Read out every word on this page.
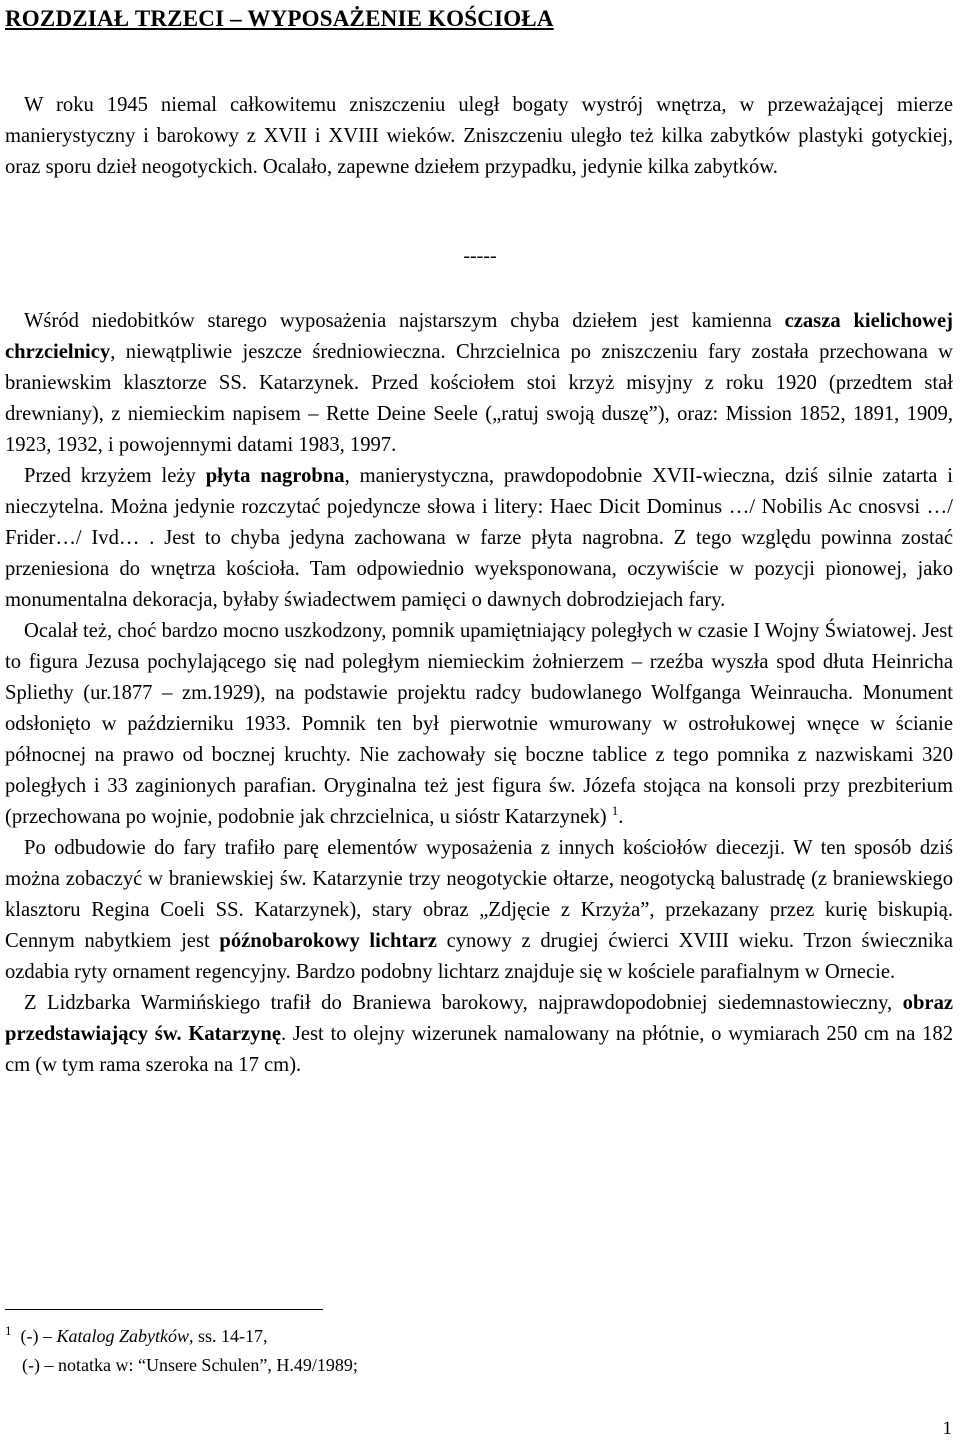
ROZDZIAŁ TRZECI – WYPOSAŻENIE KOŚCIOŁA

W roku 1945 niemal całkowitemu zniszczeniu uległ bogaty wystrój wnętrza, w przeważającej mierze manierystyczny i barokowy z XVII i XVIII wieków. Zniszczeniu uległo też kilka zabytków plastyki gotyckiej, oraz sporu dzieł neogotyckich. Ocalało, zapewne dziełem przypadku, jedynie kilka zabytków.

-----

Wśród niedobitków starego wyposażenia najstarszym chyba dziełem jest kamienna czasza kielichowej chrzcielnicy, niewątpliwie jeszcze średniowieczna. Chrzcielnica po zniszczeniu fary została przechowana w braniewskim klasztorze SS. Katarzynek. Przed kościołem stoi krzyż misyjny z roku 1920 (przedtem stał drewniany), z niemieckim napisem – Rette Deine Seele („ratuj swoją duszę”), oraz: Mission 1852, 1891, 1909, 1923, 1932, i powojennymi datami 1983, 1997.

Przed krzyżem leży płyta nagrobna, manierystyczna, prawdopodobnie XVII-wieczna, dziś silnie zatarta i nieczytelna. Można jedynie rozczytać pojedyncze słowa i litery: Haec Dicit Dominus …/ Nobilis Ac cnosvsi …/ Frider…/ Ivd… . Jest to chyba jedyna zachowana w farze płyta nagrobna. Z tego względu powinna zostać przeniesiona do wnętrza kościoła. Tam odpowiednio wyeksponowana, oczywiście w pozycji pionowej, jako monumentalna dekoracja, byłaby świadectwem pamięci o dawnych dobrodziejach fary.

Ocalał też, choć bardzo mocno uszkodzony, pomnik upamiętniający poległych w czasie I Wojny Światowej. Jest to figura Jezusa pochylającego się nad poległym niemieckim żołnierzem – rzeźba wyszła spod dłuta Heinricha Spliethy (ur.1877 – zm.1929), na podstawie projektu radcy budowlanego Wolfganga Weinraucha. Monument odsłonięto w październiku 1933. Pomnik ten był pierwotnie wmurowany w ostrołukowej wnęce w ścianie północnej na prawo od bocznej kruchty. Nie zachowały się boczne tablice z tego pomnika z nazwiskami 320 poległych i 33 zaginionych parafian. Oryginalna też jest figura św. Józefa stojąca na konsoli przy prezbiterium (przechowana po wojnie, podobnie jak chrzcielnica, u sióstr Katarzynek) $^1$.

Po odbudowie do fary trafiło parę elementów wyposażenia z innych kościołów diecezji. W ten sposób dziś można zobaczyć w braniewskiej św. Katarzynie trzy neogotyckie ołtarze, neogotycką balustradę (z braniewskiego klasztoru Regina Coeli SS. Katarzynek), stary obraz „Zdjęcie z Krzyża”, przekazany przez kurię biskupią. Cennym nabytkiem jest późnobarokowy lichtarz cynowy z drugiej ćwierci XVIII wieku. Trzon świecznika ozdabia ryty ornament regencyjny. Bardzo podobny lichtarz znajduje się w kościele parafialnym w Ornecie.

Z Lidzbarka Warmińskiego trafił do Braniewa barokowy, najprawdopodobniej siedemnastowieczny, obraz przedstawiający św. Katarzynę. Jest to olejny wizerunek namalowany na płótnie, o wymiarach 250 cm na 182 cm (w tym rama szeroka na 17 cm).

$^1$ (-) – Katalog Zabytków, ss. 14-17,

(-) – notatka w: “Unsere Schulen”, H.49/1989;

1
